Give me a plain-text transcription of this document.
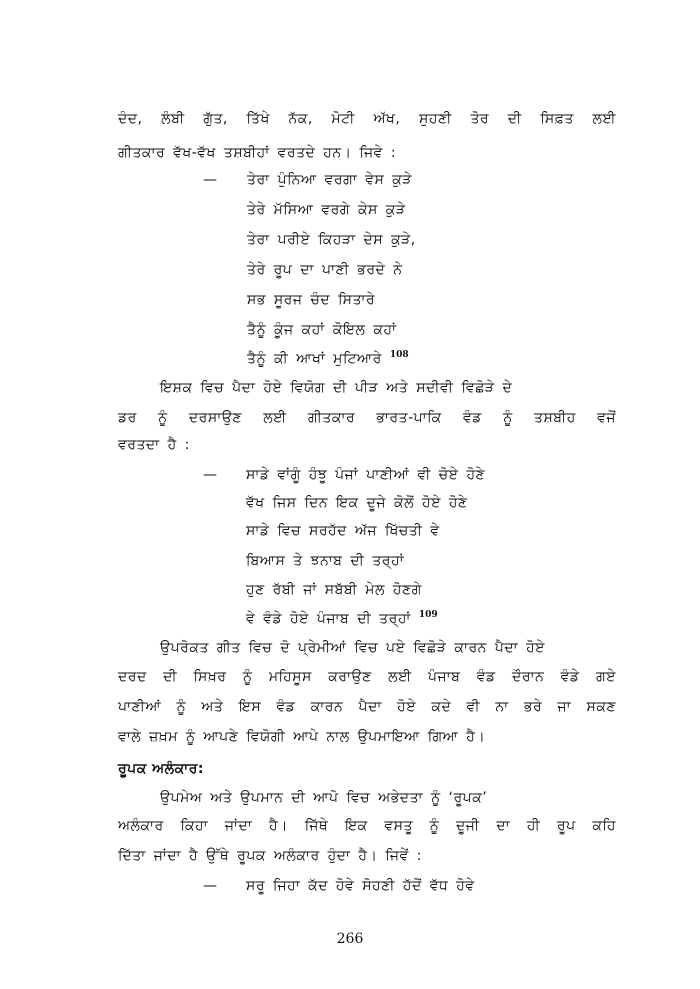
ਦੰਦ, ਲੰਬੀ ਗੁੱਤ, ਤਿੱਖੇ ਨੱਕ, ਮੋਟੀ ਅੱਖ, ਸੁਹਣੀ ਤੋਰ ਦੀ ਸਿਫ਼ਤ ਲਈ
ਗੀਤਕਾਰ ਵੱਖ-ਵੱਖ ਤਸ਼ਬੀਹਾਂ ਵਰਤਦੇ ਹਨ। ਜਿਵੇ :
— ਤੇਰਾ ਪੁੰਨਿਆ ਵਰਗਾ ਵੇਸ ਕੁੜੇ
ਤੇਰੇ ਮੱਸਿਆ ਵਰਗੇ ਕੇਸ ਕੁੜੇ
ਤੇਰਾ ਪਰੀਏ ਕਿਹੜਾ ਦੇਸ ਕੁੜੇ,
ਤੇਰੇ ਰੂਪ ਦਾ ਪਾਣੀ ਭਰਦੇ ਨੇ
ਸਭ ਸੂਰਜ ਚੰਦ ਸਿਤਾਰੇ
ਤੈਨੂੰ ਕੂੰਜ ਕਹਾਂ ਕੋਇਲ ਕਹਾਂ
ਤੈਨੂੰ ਕੀ ਆਖਾਂ ਮੁਟਿਆਰੇ $^{108}$
ਇਸ਼ਕ ਵਿਚ ਪੈਦਾ ਹੋਏ ਵਿਯੋਗ ਦੀ ਪੀੜ ਅਤੇ ਸਦੀਵੀ ਵਿਛੋੜੇ ਦੇ
ਡਰ ਨੂੰ ਦਰਸਾਉਣ ਲਈ ਗੀਤਕਾਰ ਭਾਰਤ-ਪਾਕਿ ਵੰਡ ਨੂੰ ਤਸ਼ਬੀਹ ਵਜੋਂ
ਵਰਤਦਾ ਹੈ :
— ਸਾਡੇ ਵਾਂਗੂੰ ਹੰਝੂ ਪੰਜਾਂ ਪਾਣੀਆਂ ਵੀ ਚੋਏ ਹੋਣੇ
ਵੱਖ ਜਿਸ ਦਿਨ ਇਕ ਦੂਜੇ ਕੋਲੋਂ ਹੋਏ ਹੋਣੇ
ਸਾਡੇ ਵਿਚ ਸਰਹੱਦ ਅੱਜ ਖਿੱਚਤੀ ਵੇ
ਬਿਆਸ ਤੇ ਝਨਾਬ ਦੀ ਤਰ੍ਹਾਂ
ਹੁਣ ਰੱਬੀ ਜਾਂ ਸਬੱਬੀ ਮੇਲ ਹੋਣਗੇ
ਵੇ ਵੰਡੇ ਹੋਏ ਪੰਜਾਬ ਦੀ ਤਰ੍ਹਾਂ $^{109}$
ਉਪਰੋਕਤ ਗੀਤ ਵਿਚ ਦੋ ਪ੍ਰੇਮੀਆਂ ਵਿਚ ਪਏ ਵਿਛੋੜੇ ਕਾਰਨ ਪੈਦਾ ਹੋਏ
ਦਰਦ ਦੀ ਸਿਖ਼ਰ ਨੂੰ ਮਹਿਸੂਸ ਕਰਾਉਣ ਲਈ ਪੰਜਾਬ ਵੰਡ ਦੌਰਾਨ ਵੰਡੇ ਗਏ
ਪਾਣੀਆਂ ਨੂੰ ਅਤੇ ਇਸ ਵੰਡ ਕਾਰਨ ਪੈਦਾ ਹੋਏ ਕਦੇ ਵੀ ਨਾ ਭਰੇ ਜਾ ਸਕਣ
ਵਾਲੇ ਜ਼ਖ਼ਮ ਨੂੰ ਆਪਣੇ ਵਿਯੋਗੀ ਆਪੇ ਨਾਲ ਉਪਮਾਇਆ ਗਿਆ ਹੈ।
ਰੂਪਕ ਅਲੰਕਾਰ:
ਉਪਮੇਅ ਅਤੇ ਉਪਮਾਨ ਦੀ ਆਪੋ ਵਿਚ ਅਭੇਦਤਾ ਨੂੰ ‘ਰੂਪਕ’
ਅਲੰਕਾਰ ਕਿਹਾ ਜਾਂਦਾ ਹੈ। ਜਿੱਥੇ ਇਕ ਵਸਤੂ ਨੂੰ ਦੂਜੀ ਦਾ ਹੀ ਰੂਪ ਕਹਿ
ਦਿੱਤਾ ਜਾਂਦਾ ਹੈ ਉੱਥੇ ਰੂਪਕ ਅਲੰਕਾਰ ਹੁੰਦਾ ਹੈ। ਜਿਵੇਂ :
— ਸਰੂ ਜਿਹਾ ਕੱਦ ਹੋਵੇ ਸੋਹਣੀ ਹੱਦੋਂ ਵੱਧ ਹੋਵੇ
266
